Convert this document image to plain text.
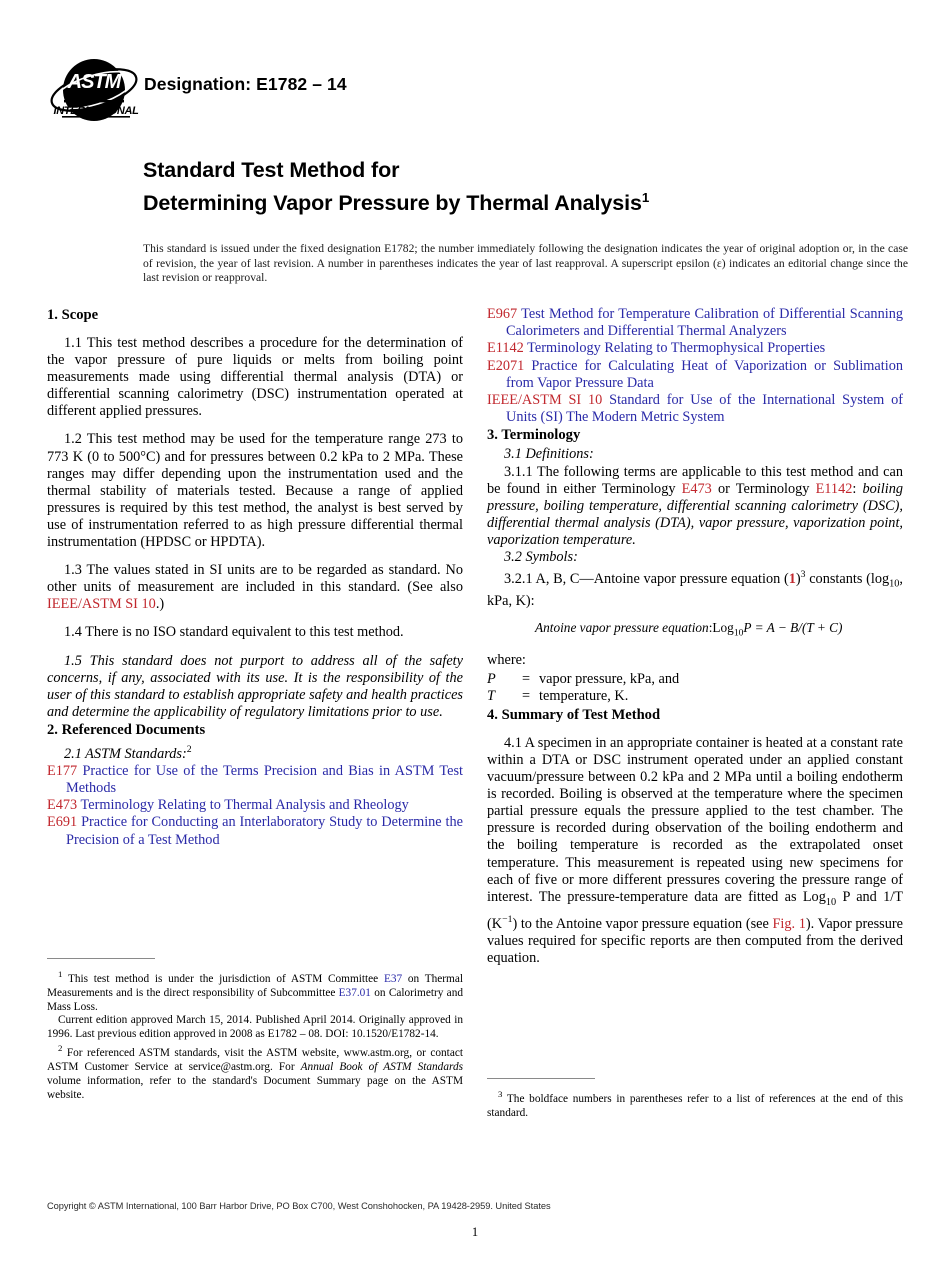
ASTM
INTERNATIONAL
Designation: E1782 – 14
Standard Test Method for
Determining Vapor Pressure by Thermal Analysis$^1$
This standard is issued under the fixed designation E1782; the number immediately following the designation indicates the year of original adoption or, in the case of revision, the year of last revision. A number in parentheses indicates the year of last reapproval. A superscript epsilon (ε) indicates an editorial change since the last revision or reapproval.
1. Scope

1.1 This test method describes a procedure for the determination of the vapor pressure of pure liquids or melts from boiling point measurements made using differential thermal analysis (DTA) or differential scanning calorimetry (DSC) instrumentation operated at different applied pressures.

1.2 This test method may be used for the temperature range 273 to 773 K (0 to 500°C) and for pressures between 0.2 kPa to 2 MPa. These ranges may differ depending upon the instrumentation used and the thermal stability of materials tested. Because a range of applied pressures is required by this test method, the analyst is best served by use of instrumentation referred to as high pressure differential thermal instrumentation (HPDSC or HPDTA).

1.3 The values stated in SI units are to be regarded as standard. No other units of measurement are included in this standard. (See also IEEE/ASTM SI 10.)

1.4 There is no ISO standard equivalent to this test method.

1.5 This standard does not purport to address all of the safety concerns, if any, associated with its use. It is the responsibility of the user of this standard to establish appropriate safety and health practices and determine the applicability of regulatory limitations prior to use.

2. Referenced Documents

2.1 ASTM Standards:$^2$

E177 Practice for Use of the Terms Precision and Bias in ASTM Test Methods

E473 Terminology Relating to Thermal Analysis and Rheology

E691 Practice for Conducting an Interlaboratory Study to Determine the Precision of a Test Method

E967 Test Method for Temperature Calibration of Differential Scanning Calorimeters and Differential Thermal Analyzers

E1142 Terminology Relating to Thermophysical Properties

E2071 Practice for Calculating Heat of Vaporization or Sublimation from Vapor Pressure Data

IEEE/ASTM SI 10 Standard for Use of the International System of Units (SI) The Modern Metric System

3. Terminology

3.1 Definitions:

3.1.1 The following terms are applicable to this test method and can be found in either Terminology E473 or Terminology E1142: boiling pressure, boiling temperature, differential scanning calorimetry (DSC), differential thermal analysis (DTA), vapor pressure, vaporization point, vaporization temperature.

3.2 Symbols:

3.2.1 A, B, C—Antoine vapor pressure equation $(1)^3$ constants ($\log_{10}$, kPa, K):

Antoine vapor pressure equation:Log$_{10}$P = A − B/(T + C)

where:

P	=	vapor pressure, kPa, and
T	=	temperature, K.
4. Summary of Test Method

4.1 A specimen in an appropriate container is heated at a constant rate within a DTA or DSC instrument operated under an applied constant vacuum/pressure between 0.2 kPa and 2 MPa until a boiling endotherm is recorded. Boiling is observed at the temperature where the specimen partial pressure equals the pressure applied to the test chamber. The pressure is recorded during observation of the boiling endotherm and the boiling temperature is recorded as the extrapolated onset temperature. This measurement is repeated using new specimens for each of five or more different pressures covering the pressure range of interest. The pressure-temperature data are fitted as Log$_{10}$ P and 1/T $(K^{-1})$ to the Antoine vapor pressure equation (see Fig. 1). Vapor pressure values required for specific reports are then computed from the derived equation.

$^1$ This test method is under the jurisdiction of ASTM Committee E37 on Thermal Measurements and is the direct responsibility of Subcommittee E37.01 on Calorimetry and Mass Loss.

Current edition approved March 15, 2014. Published April 2014. Originally approved in 1996. Last previous edition approved in 2008 as E1782 – 08. DOI: 10.1520/E1782-14.

$^2$ For referenced ASTM standards, visit the ASTM website, www.astm.org, or contact ASTM Customer Service at service@astm.org. For Annual Book of ASTM Standards volume information, refer to the standard's Document Summary page on the ASTM website.	$^3$ The boldface numbers in parentheses refer to a list of references at the end of this standard.

Copyright © ASTM International, 100 Barr Harbor Drive, PO Box C700, West Conshohocken, PA 19428-2959. United States
1
